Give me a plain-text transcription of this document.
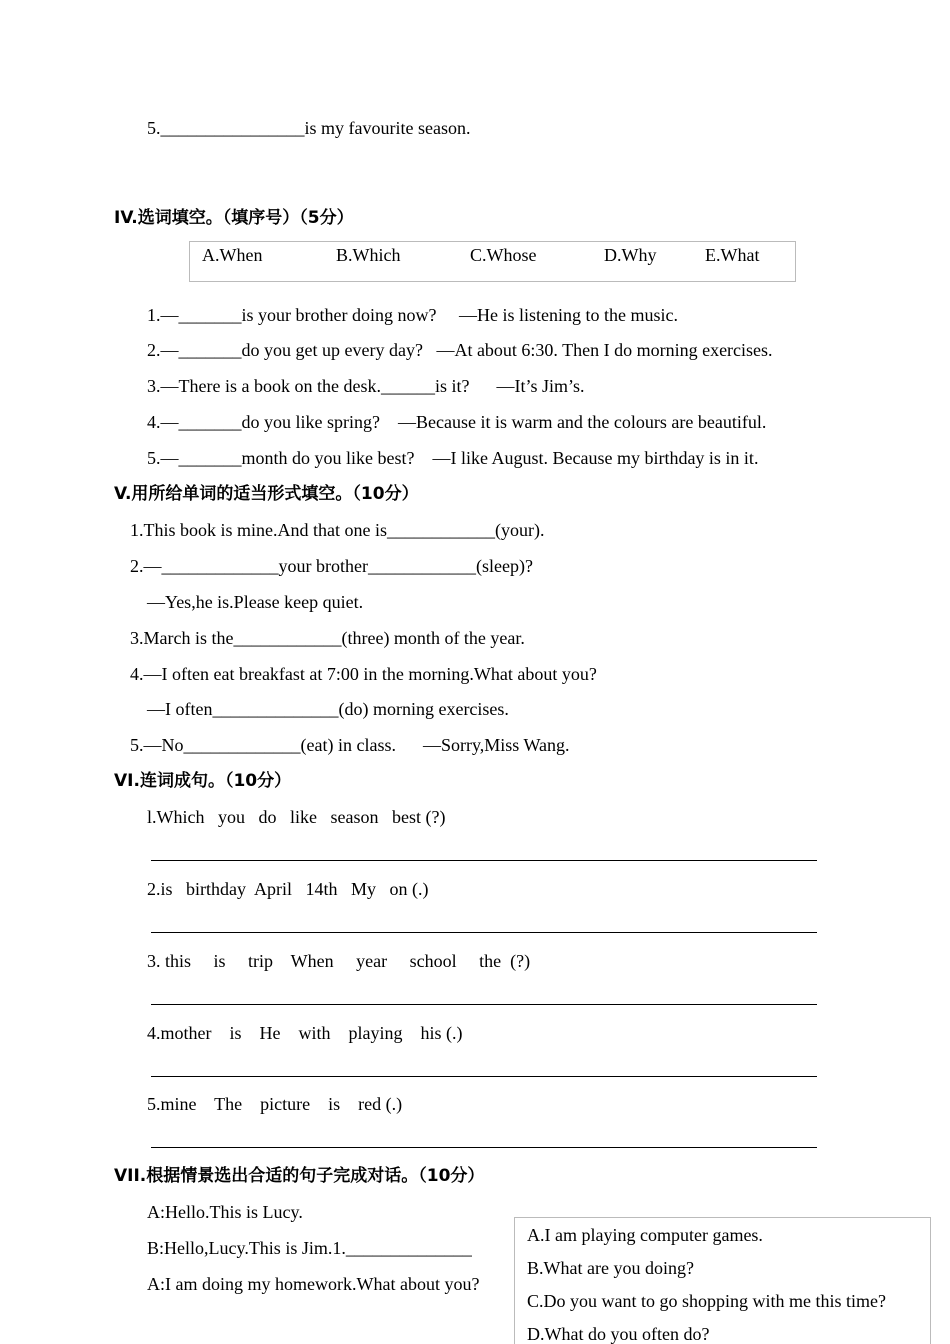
5.________________is my favourite season.
IV.选词填空。（填序号）（5分）
A.When	B.Which	C.Whose	D.Why	E.What
1.—_______is your brother doing now?     —He is listening to the music.
2.—_______do you get up every day?   —At about 6:30. Then I do morning exercises.
3.—There is a book on the desk.______is it?      —It’s Jim’s.
4.—_______do you like spring?    —Because it is warm and the colours are beautiful.
5.—_______month do you like best?    —I like August. Because my birthday is in it.
V.用所给单词的适当形式填空。（10分）
1.This book is mine.And that one is____________(your).
2.—_____________your brother____________(sleep)?
—Yes,he is.Please keep quiet.
3.March is the____________(three) month of the year.
4.—I often eat breakfast at 7:00 in the morning.What about you?
—I often______________(do) morning exercises.
5.—No_____________(eat) in class.      —Sorry,Miss Wang.
VI.连词成句。（10分）
l.Which   you   do   like   season   best (?)
2.is   birthday  April   14th   My   on (.)
3. this     is     trip    When     year     school     the  (?)
4.mother    is    He    with    playing    his (.)
5.mine    The    picture    is    red (.)
VII.根据情景选出合适的句子完成对话。（10分）
A:Hello.This is Lucy.
B:Hello,Lucy.This is Jim.1.______________
A:I am doing my homework.What about you?
A.I am playing computer games.
B.What are you doing?
C.Do you want to go shopping with me this time?
D.What do you often do?
